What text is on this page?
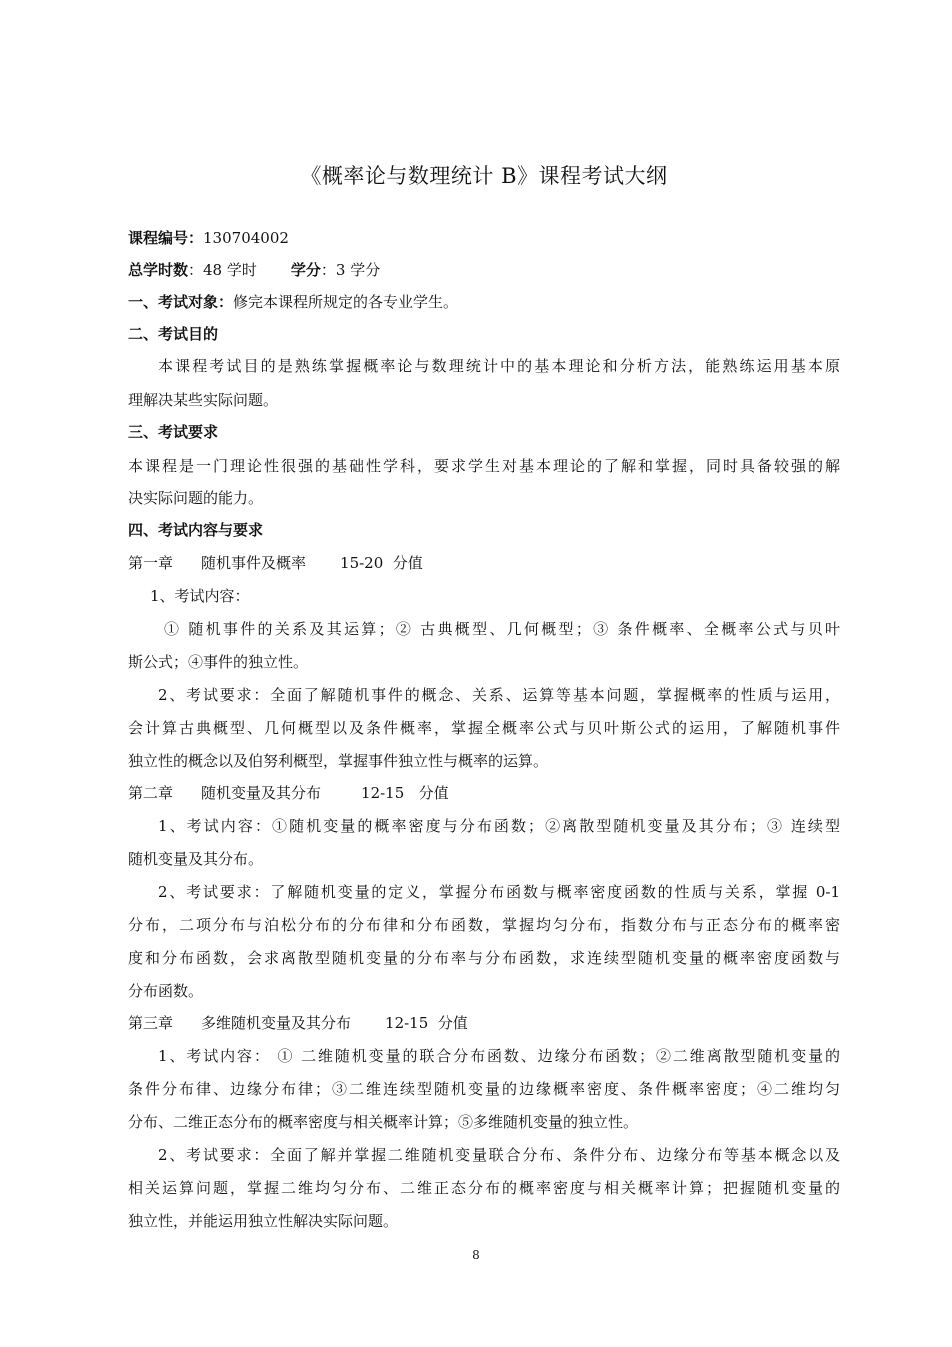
《概率论与数理统计 B》课程考试大纲
课程编号：130704002
总学时数：48 学时 学分：3 学分
一、考试对象：修完本课程所规定的各专业学生。
二、考试目的
本课程考试目的是熟练掌握概率论与数理统计中的基本理论和分析方法，能熟练运用基本原
理解决某些实际问题。
三、考试要求
本课程是一门理论性很强的基础性学科，要求学生对基本理论的了解和掌握，同时具备较强的解
决实际问题的能力。
四、考试内容与要求
第一章 随机事件及概率 15-20  分值
1、考试内容：
① 随机事件的关系及其运算；② 古典概型、几何概型；③ 条件概率、全概率公式与贝叶
斯公式；④事件的独立性。
2、考试要求：全面了解随机事件的概念、关系、运算等基本问题，掌握概率的性质与运用，
会计算古典概型、几何概型以及条件概率，掌握全概率公式与贝叶斯公式的运用，了解随机事件
独立性的概念以及伯努利概型，掌握事件独立性与概率的运算。
第二章 随机变量及其分布	12-15   分值
1、考试内容：①随机变量的概率密度与分布函数；②离散型随机变量及其分布；③ 连续型
随机变量及其分布。
2、考试要求：了解随机变量的定义，掌握分布函数与概率密度函数的性质与关系，掌握 0-1
分布，二项分布与泊松分布的分布律和分布函数，掌握均匀分布，指数分布与正态分布的概率密
度和分布函数，会求离散型随机变量的分布率与分布函数，求连续型随机变量的概率密度函数与
分布函数。
第三章 多维随机变量及其分布 12-15  分值
1、考试内容： ① 二维随机变量的联合分布函数、边缘分布函数；②二维离散型随机变量的
条件分布律、边缘分布律；③二维连续型随机变量的边缘概率密度、条件概率密度；④二维均匀
分布、二维正态分布的概率密度与相关概率计算；⑤多维随机变量的独立性。
2、考试要求：全面了解并掌握二维随机变量联合分布、条件分布、边缘分布等基本概念以及
相关运算问题，掌握二维均匀分布、二维正态分布的概率密度与相关概率计算；把握随机变量的
独立性，并能运用独立性解决实际问题。
8
